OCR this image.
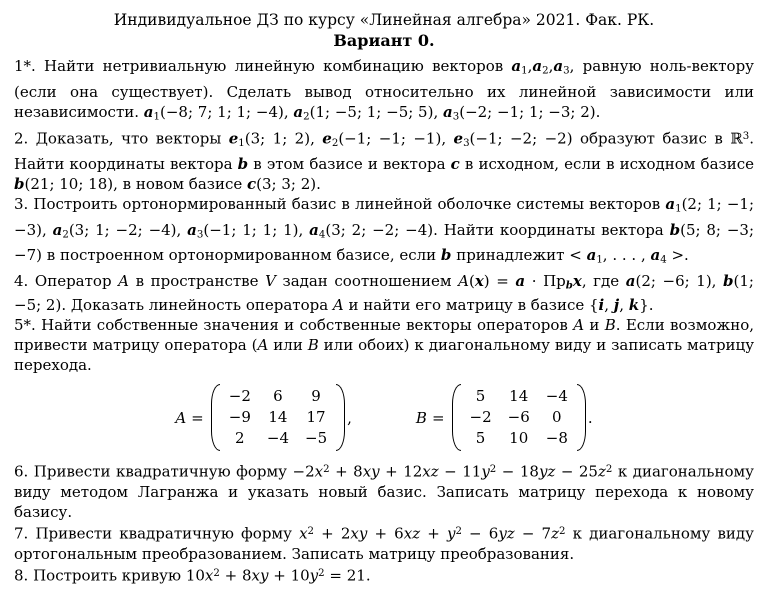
Индивидуальное ДЗ по курсу «Линейная алгебра» 2021. Фак. РК.
Вариант 0.

1*. Найти нетривиальную линейную комбинацию векторов $a_1,a_2,a_3$, равную ноль-вектору (если она существует). Сделать вывод относительно их линейной зависимости или независимости. $a_1(-8$; 7; 1; 1; −4), $a_2(1$; −5; 1; −5; 5), $a_3(-2$; −1; 1; −3; 2).

2. Доказать, что векторы $e_1(3$; 1; 2), $e_2(-1$; −1; −1), $e_3(-1$; −2; −2) образуют базис в ℝ$^3$. Найти координаты вектора b в этом базисе и вектора c в исходном, если в исходном базисе b(21; 10; 18), в новом базисе c(3; 3; 2).

3. Построить ортонормированный базис в линейной оболочке системы векторов $a_1(2$; 1; −1; −3), $a_2(3$; 1; −2; −4), $a_3(-1$; 1; 1; 1), $a_4(3$; 2; −2; −4). Найти координаты вектора b(5; 8; −3; −7) в построенном ортонормированном базисе, если b принадлежит < $a_1$, . . . , $a_4$ >.

4. Оператор A в пространстве V задан соотношением A(x) = a · Прbx, где a(2; −6; 1), b(1; −5; 2). Доказать линейность оператора A и найти его матрицу в базисе {i, j, k}.

5*. Найти собственные значения и собственные векторы операторов A и B. Если возможно, привести матрицу оператора (A или B или обоих) к диагональному виду и записать матрицу перехода.

A =
−2	6	9
−9 14 17
2	−4 −5
,	B =
5	14 −4
−2 −6	0
5	10 −8
.

6. Привести квадратичную форму $-2x^2 + 8xy + 12xz - 11y^2 - 18yz - 25z^2$ к диагональному виду методом Лагранжа и указать новый базис. Записать матрицу перехода к новому базису.

7. Привести квадратичную форму $x^2 + 2xy + 6xz + y^2 - 6yz - 7z^2$ к диагональному виду ортогональным преобразованием. Записать матрицу преобразования.

8. Построить кривую $10x^2 + 8xy + 10y^2 = 21$.
